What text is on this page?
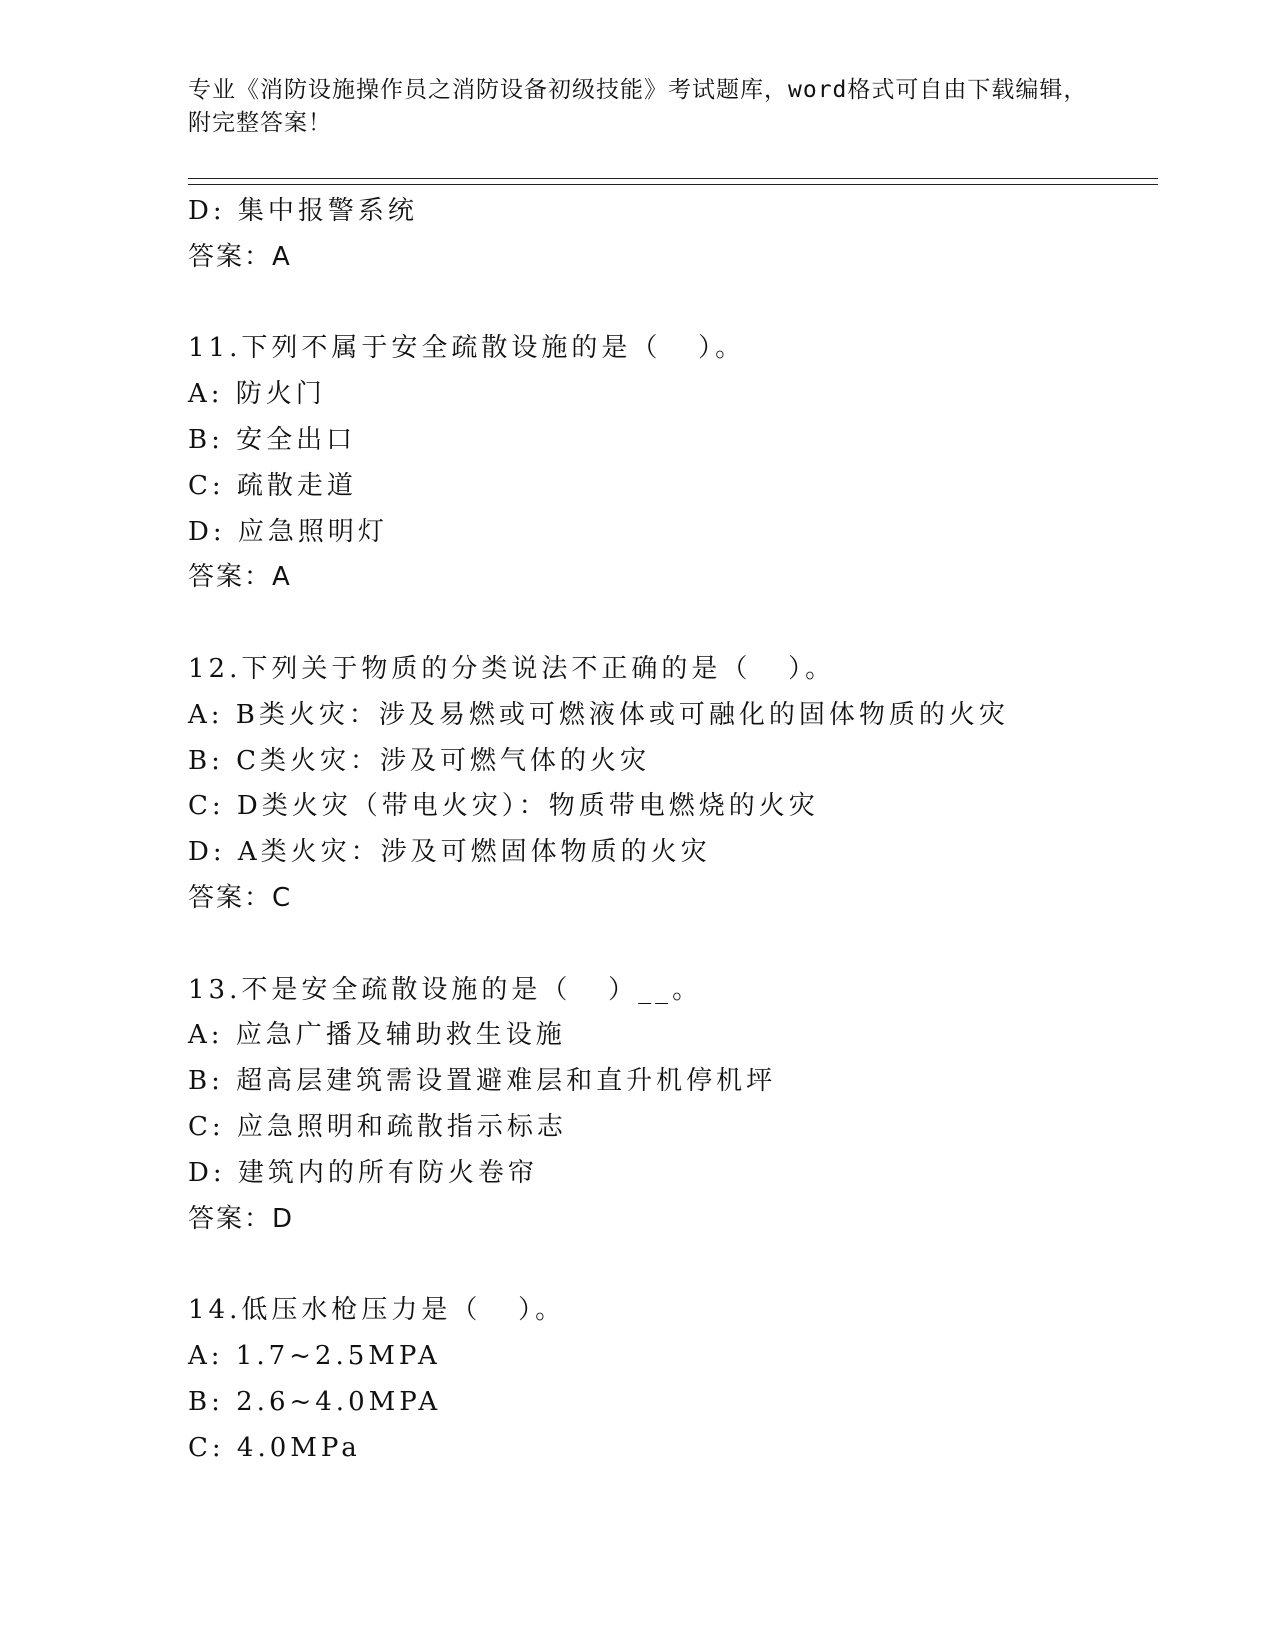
专业《消防设施操作员之消防设备初级技能》考试题库，word格式可自由下载编辑，附完整答案！
D: 集中报警系统
答案：A
11.下列不属于安全疏散设施的是（   ）。
A: 防火门
B: 安全出口
C: 疏散走道
D: 应急照明灯
答案：A
12.下列关于物质的分类说法不正确的是（   ）。
A: B类火灾：涉及易燃或可燃液体或可融化的固体物质的火灾
B: C类火灾：涉及可燃气体的火灾
C: D类火灾（带电火灾）：物质带电燃烧的火灾
D: A类火灾：涉及可燃固体物质的火灾
答案：C
13.不是安全疏散设施的是（   ）__。
A: 应急广播及辅助救生设施
B: 超高层建筑需设置避难层和直升机停机坪
C: 应急照明和疏散指示标志
D: 建筑内的所有防火卷帘
答案：D
14.低压水枪压力是（   ）。
A: 1.7~2.5MPA
B: 2.6~4.0MPA
C: 4.0MPa
